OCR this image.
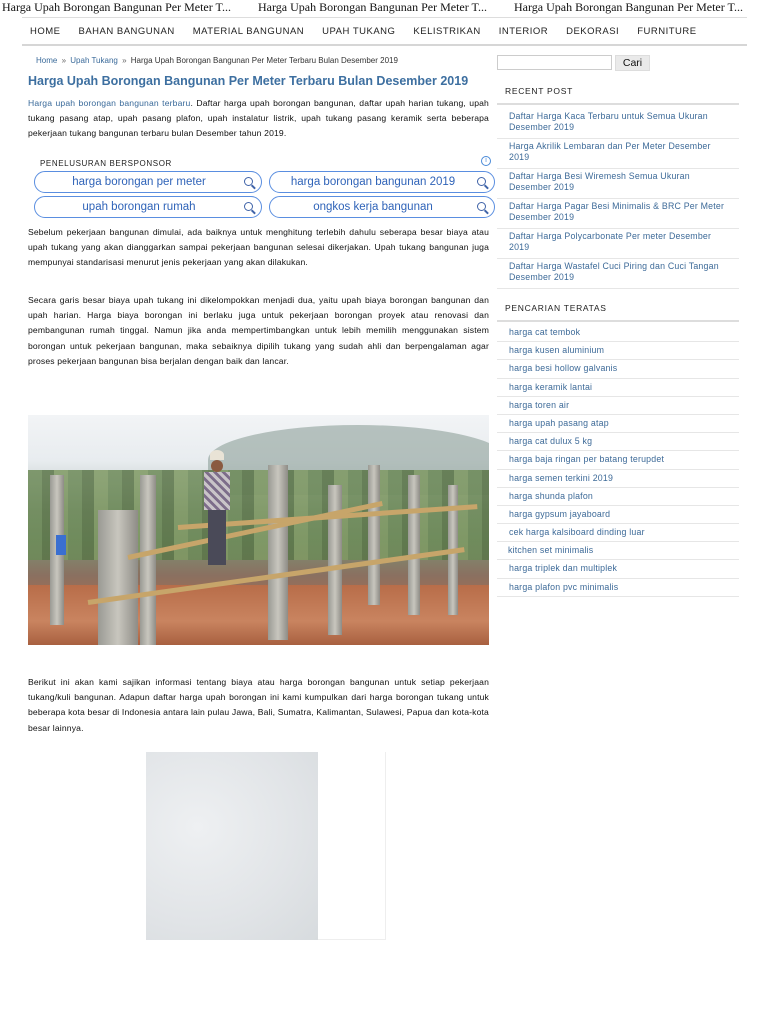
Harga Upah Borongan Bangunan Per Meter T...	Harga Upah Borongan Bangunan Per Meter T...	Harga Upah Borongan Bangunan Per Meter T...
HOME	BAHAN BANGUNAN	MATERIAL BANGUNAN	UPAH TUKANG	KELISTRIKAN	INTERIOR	DEKORASI	FURNITURE
Home » Upah Tukang » Harga Upah Borongan Bangunan Per Meter Terbaru Bulan Desember 2019
Harga Upah Borongan Bangunan Per Meter Terbaru Bulan Desember 2019
Harga upah borongan bangunan terbaru. Daftar harga upah borongan bangunan, daftar upah harian tukang, upah tukang pasang atap, upah pasang plafon, upah instalatur listrik, upah tukang pasang keramik serta beberapa pekerjaan tukang bangunan terbaru bulan Desember tahun 2019.
PENELUSURAN BERSPONSOR	i
harga borongan per meter	harga borongan bangunan 2019
upah borongan rumah	ongkos kerja bangunan
Sebelum pekerjaan bangunan dimulai, ada baiknya untuk menghitung terlebih dahulu seberapa besar biaya atau upah tukang yang akan dianggarkan sampai pekerjaan bangunan selesai dikerjakan. Upah tukang bangunan juga mempunyai standarisasi menurut jenis pekerjaan yang akan dilakukan.
Secara garis besar biaya upah tukang ini dikelompokkan menjadi dua, yaitu upah biaya borongan bangunan dan upah harian. Harga biaya borongan ini berlaku juga untuk pekerjaan borongan proyek atau renovasi dan pembangunan rumah tinggal. Namun jika anda mempertimbangkan untuk lebih memilih menggunakan sistem borongan untuk pekerjaan bangunan, maka sebaiknya dipilih tukang yang sudah ahli dan berpengalaman agar proses pekerjaan bangunan bisa berjalan dengan baik dan lancar.
Berikut ini akan kami sajikan informasi tentang biaya atau harga borongan bangunan untuk setiap pekerjaan tukang/kuli bangunan. Adapun daftar harga upah borongan ini kami kumpulkan dari harga borongan tukang untuk beberapa kota besar di Indonesia antara lain pulau Jawa, Bali, Sumatra, Kalimantan, Sulawesi, Papua dan kota-kota besar lainnya.
Cari
RECENT POST
Daftar Harga Kaca Terbaru untuk Semua Ukuran Desember 2019
Harga Akrilik Lembaran dan Per Meter Desember 2019
Daftar Harga Besi Wiremesh Semua Ukuran Desember 2019
Daftar Harga Pagar Besi Minimalis & BRC Per Meter Desember 2019
Daftar Harga Polycarbonate Per meter Desember 2019
Daftar Harga Wastafel Cuci Piring dan Cuci Tangan Desember 2019
PENCARIAN TERATAS
harga cat tembok
harga kusen aluminium
harga besi hollow galvanis
harga keramik lantai
harga toren air
harga upah pasang atap
harga cat dulux 5 kg
harga baja ringan per batang terupdet
harga semen terkini 2019
harga shunda plafon
harga gypsum jayaboard
cek harga kalsiboard dinding luar
kitchen set minimalis
harga triplek dan multiplek
harga plafon pvc minimalis
